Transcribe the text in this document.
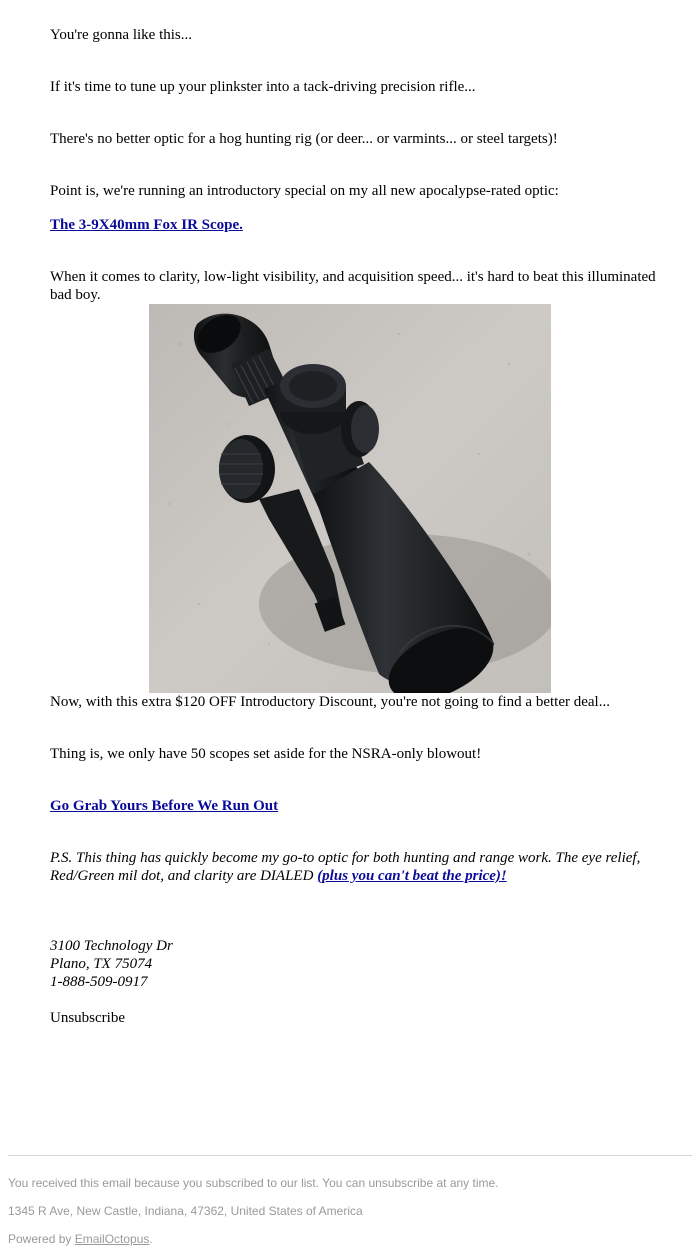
You're gonna like this...

If it's time to tune up your plinkster into a tack-driving precision rifle...

There's no better optic for a hog hunting rig (or deer... or varmints... or steel targets)!

Point is, we're running an introductory special on my all new apocalypse-rated optic:

The 3-9X40mm Fox IR Scope.

When it comes to clarity, low-light visibility, and acquisition speed... it's hard to beat this illuminated bad boy.

Now, with this extra $120 OFF Introductory Discount, you're not going to find a better deal...

Thing is, we only have 50 scopes set aside for the NSRA-only blowout!

Go Grab Yours Before We Run Out

P.S. This thing has quickly become my go-to optic for both hunting and range work. The eye relief, Red/Green mil dot, and clarity are DIALED (plus you can't beat the price)!

3100 Technology Dr
Plano, TX 75074
1-888-509-0917

Unsubscribe

You received this email because you subscribed to our list. You can unsubscribe at any time.

1345 R Ave, New Castle, Indiana, 47362, United States of America

Powered by EmailOctopus.
